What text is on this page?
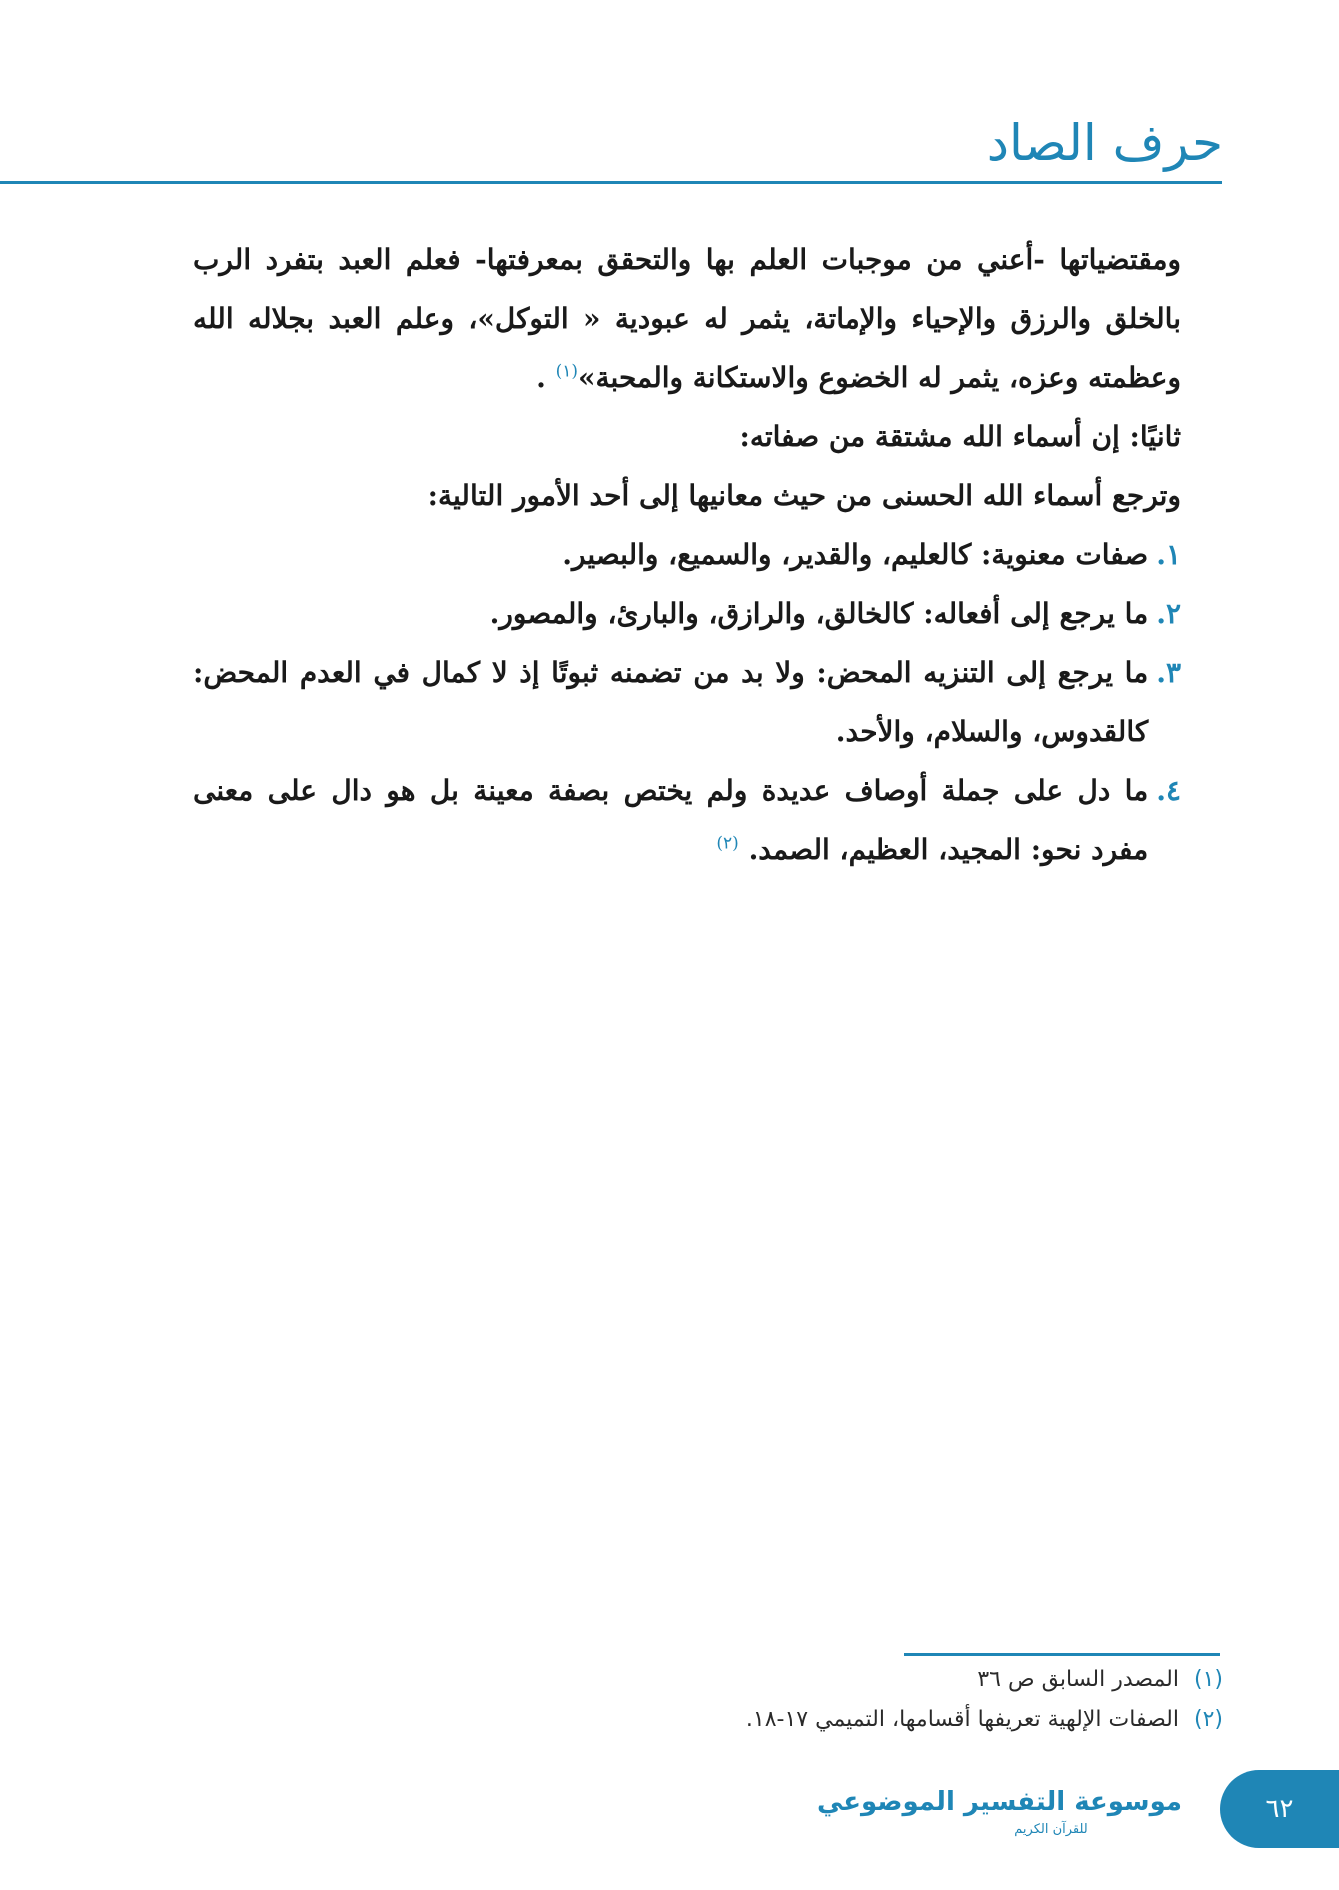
حرف الصاد

ومقتضياتها -أعني من موجبات العلم بها والتحقق بمعرفتها- فعلم العبد بتفرد الرب بالخلق والرزق والإحياء والإماتة، يثمر له عبودية « التوكل»، وعلم العبد بجلاله الله وعظمته وعزه، يثمر له الخضوع والاستكانة والمحبة»$^{(١)}$ .

ثانيًا: إن أسماء الله مشتقة من صفاته:

وترجع أسماء الله الحسنى من حيث معانيها إلى أحد الأمور التالية:

١.
صفات معنوية: كالعليم، والقدير، والسميع، والبصير.
٢.
ما يرجع إلى أفعاله: كالخالق، والرازق، والبارئ، والمصور.
٣.
ما يرجع إلى التنزيه المحض: ولا بد من تضمنه ثبوتًا إذ لا كمال في العدم المحض: كالقدوس، والسلام، والأحد.
٤.
ما دل على جملة أوصاف عديدة ولم يختص بصفة معينة بل هو دال على معنى مفرد نحو: المجيد، العظيم، الصمد. $^{(٢)}$

(١) المصدر السابق ص ٣٦

(٢) الصفات الإلهية تعريفها أقسامها، التميمي ١٧-١٨.

موسوعة التفسير الموضوعي
للقرآن الكريم
٦٢
